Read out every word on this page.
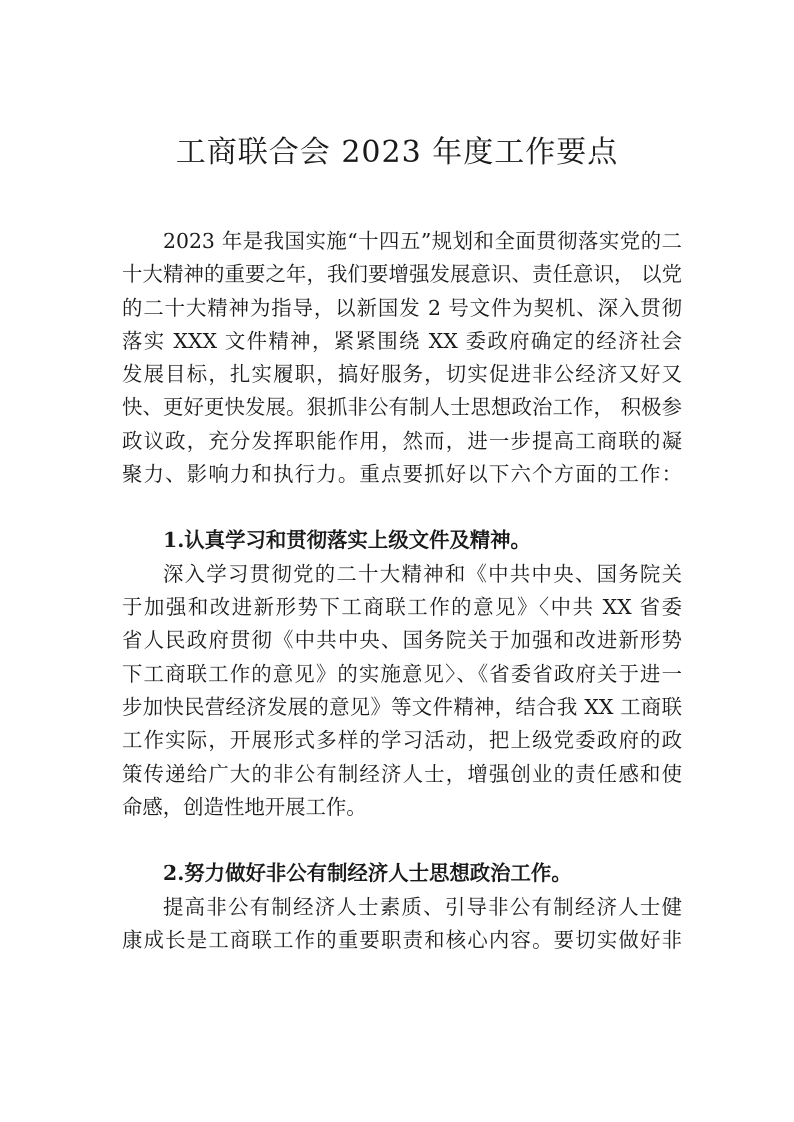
工商联合会 2023 年度工作要点
2023 年是我国实施“十四五”规划和全面贯彻落实党的二
十大精神的重要之年，我们要增强发展意识、责任意识， 以党
的二十大精神为指导，以新国发 2 号文件为契机、深入贯彻
落实 XXX 文件精神，紧紧围绕 XX 委政府确定的经济社会
发展目标，扎实履职，搞好服务，切实促进非公经济又好又
快、更好更快发展。狠抓非公有制人士思想政治工作， 积极参
政议政，充分发挥职能作用，然而，进一步提高工商联的凝
聚力、影响力和执行力。重点要抓好以下六个方面的工作：
1.认真学习和贯彻落实上级文件及精神。
深入学习贯彻党的二十大精神和《中共中央、国务院关
于加强和改进新形势下工商联工作的意见》〈中共 XX 省委
省人民政府贯彻《中共中央、国务院关于加强和改进新形势
下工商联工作的意见》的实施意见〉、《省委省政府关于进一
步加快民营经济发展的意见》等文件精神，结合我 XX 工商联
工作实际，开展形式多样的学习活动，把上级党委政府的政
策传递给广大的非公有制经济人士，增强创业的责任感和使
命感，创造性地开展工作。
2.努力做好非公有制经济人士思想政治工作。
提高非公有制经济人士素质、引导非公有制经济人士健
康成长是工商联工作的重要职责和核心内容。要切实做好非
